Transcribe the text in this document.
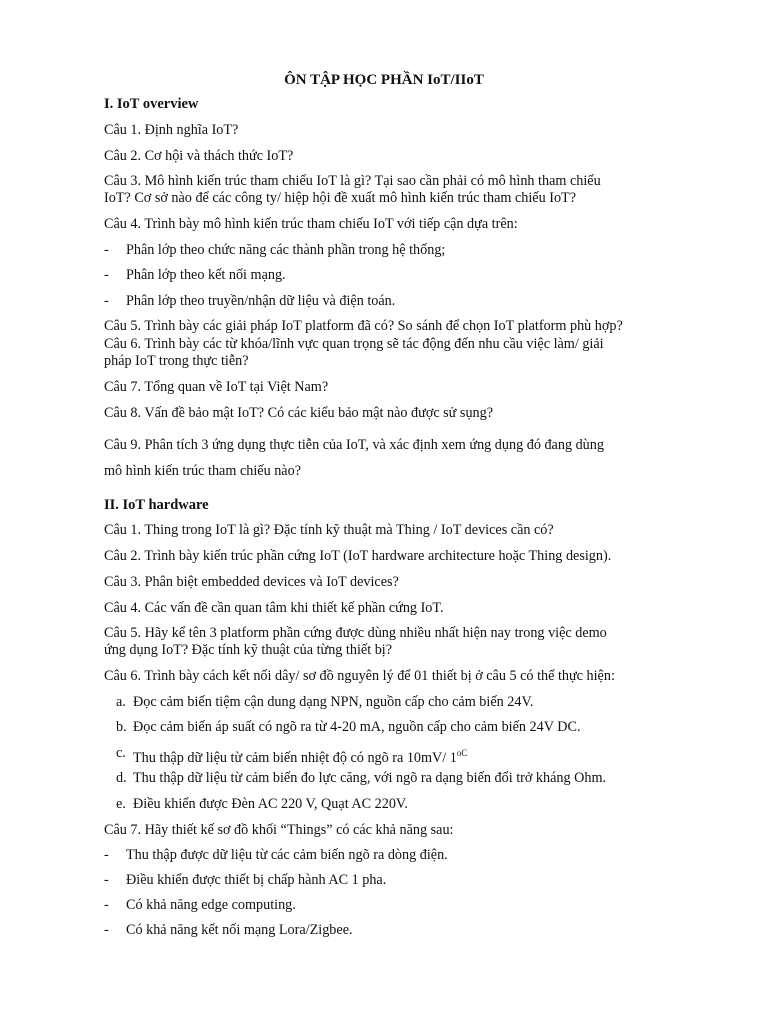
ÔN TẬP HỌC PHẦN IoT/IIoT
I. IoT overview
Câu 1. Định nghĩa IoT?
Câu 2. Cơ hội và thách thức IoT?
Câu 3. Mô hình kiến trúc tham chiếu IoT là gì? Tại sao cần phải có mô hình tham chiếu
IoT? Cơ sở nào để các công ty/ hiệp hội đề xuất mô hình kiến trúc tham chiếu IoT?
Câu 4. Trình bày mô hình kiến trúc tham chiếu IoT với tiếp cận dựa trên:
- Phân lớp theo chức năng các thành phần trong hệ thống;
- Phân lớp theo kết nối mạng.
- Phân lớp theo truyền/nhận dữ liệu và điện toán.
Câu 5. Trình bày các giải pháp IoT platform đã có? So sánh để chọn IoT platform phù hợp?
Câu 6. Trình bày các từ khóa/lĩnh vực quan trọng sẽ tác động đến nhu cầu việc làm/ giải
pháp IoT trong thực tiễn?
Câu 7. Tổng quan về IoT tại Việt Nam?
Câu 8. Vấn đề bảo mật IoT? Có các kiểu bảo mật nào được sử sụng?
Câu 9. Phân tích 3 ứng dụng thực tiễn của IoT, và xác định xem ứng dụng đó đang dùng
mô hình kiến trúc tham chiếu nào?
II. IoT hardware
Câu 1. Thing trong IoT là gì? Đặc tính kỹ thuật mà Thing / IoT devices cần có?
Câu 2. Trình bày kiến trúc phần cứng IoT (IoT hardware architecture hoặc Thing design).
Câu 3. Phân biệt embedded devices và IoT devices?
Câu 4. Các vấn đề cần quan tâm khi thiết kế phần cứng IoT.
Câu 5. Hãy kể tên 3 platform phần cứng được dùng nhiều nhất hiện nay trong việc demo
ứng dụng IoT? Đặc tính kỹ thuật của từng thiết bị?
Câu 6. Trình bày cách kết nối dây/ sơ đồ nguyên lý để 01 thiết bị ở câu 5 có thể thực hiện:
a. Đọc cảm biến tiệm cận dung dạng NPN, nguồn cấp cho cảm biến 24V.
b. Đọc cảm biến áp suất có ngõ ra từ 4-20 mA, nguồn cấp cho cảm biến 24V DC.
c. Thu thập dữ liệu từ cảm biến nhiệt độ có ngõ ra 10mV/ $1^{oC}$
d. Thu thập dữ liệu từ cảm biến đo lực căng, với ngõ ra dạng biến đổi trở kháng Ohm.
e. Điều khiển được Đèn AC 220 V, Quạt AC 220V.
Câu 7. Hãy thiết kế sơ đồ khối “Things” có các khả năng sau:
- Thu thập được dữ liệu từ các cảm biến ngõ ra dòng điện.
- Điều khiển được thiết bị chấp hành AC 1 pha.
- Có khả năng edge computing.
- Có khả năng kết nối mạng Lora/Zigbee.
